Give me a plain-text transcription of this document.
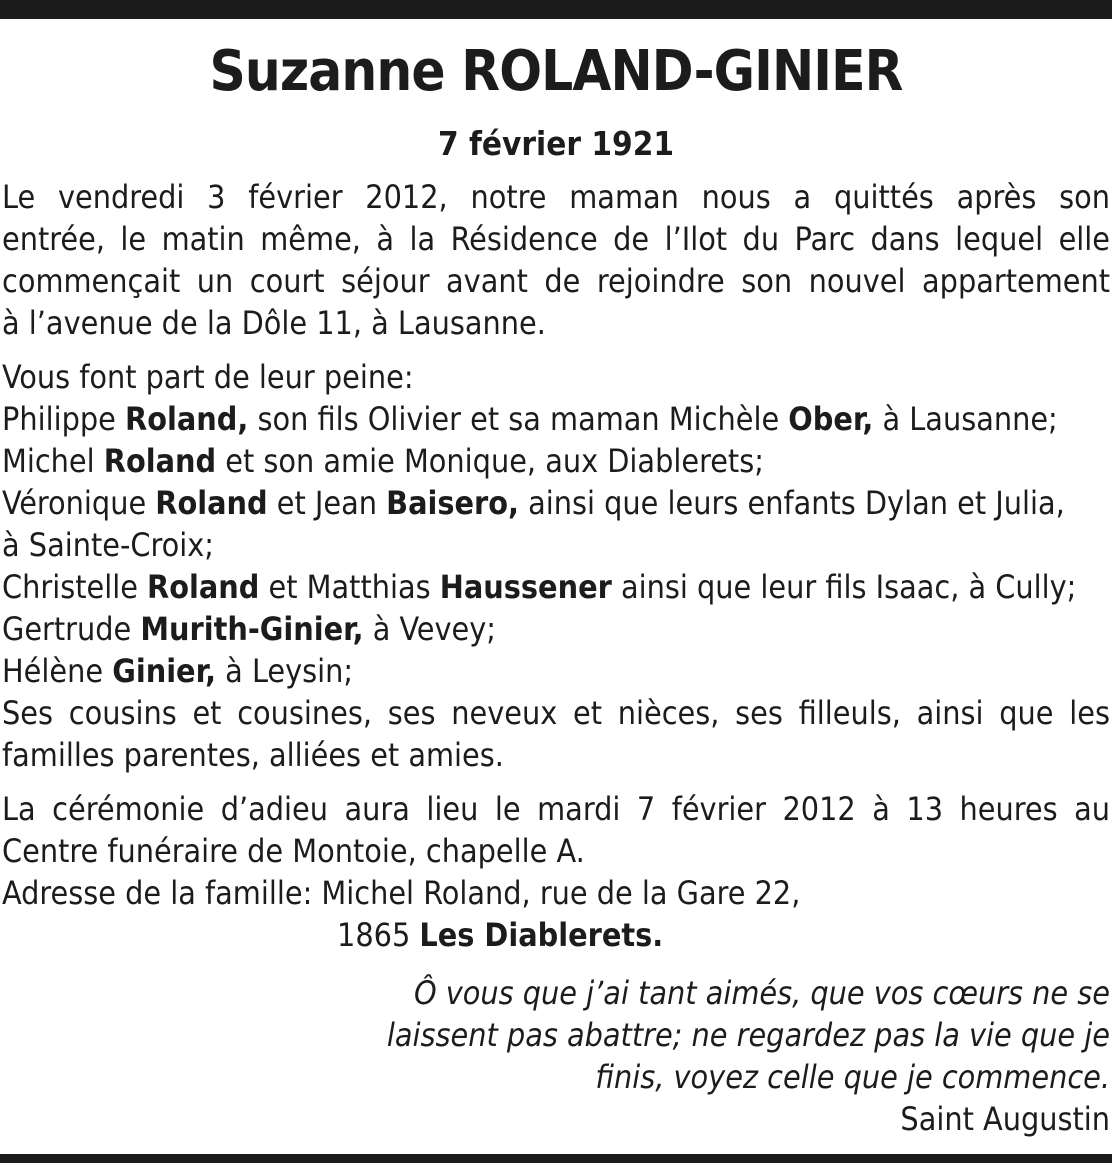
Suzanne ROLAND-GINIER
7 février 1921
Le vendredi 3 février 2012, notre maman nous a quittés après son
entrée, le matin même, à la Résidence de l’Ilot du Parc dans lequel elle
commençait un court séjour avant de rejoindre son nouvel appartement
à l’avenue de la Dôle 11, à Lausanne.
Vous font part de leur peine:
Philippe Roland, son fils Olivier et sa maman Michèle Ober, à Lausanne;
Michel Roland et son amie Monique, aux Diablerets;
Véronique Roland et Jean Baisero, ainsi que leurs enfants Dylan et Julia,
à Sainte-Croix;
Christelle Roland et Matthias Haussener ainsi que leur fils Isaac, à Cully;
Gertrude Murith-Ginier, à Vevey;
Hélène Ginier, à Leysin;
Ses cousins et cousines, ses neveux et nièces, ses filleuls, ainsi que les
familles parentes, alliées et amies.
La cérémonie d’adieu aura lieu le mardi 7 février 2012 à 13 heures au
Centre funéraire de Montoie, chapelle A.
Adresse de la famille: Michel Roland, rue de la Gare 22,
1865 Les Diablerets.
Ô vous que j’ai tant aimés, que vos cœurs ne se
laissent pas abattre; ne regardez pas la vie que je
finis, voyez celle que je commence.
Saint Augustin
